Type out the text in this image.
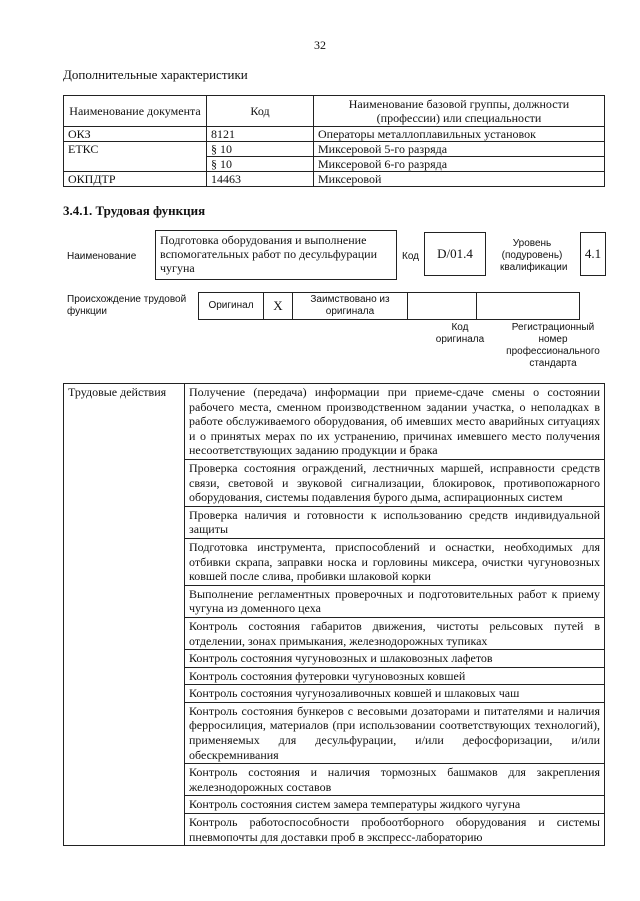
32
Дополнительные характеристики
Наименование документа	Код	Наименование базовой группы, должности (профессии) или специальности
ОКЗ	8121	Операторы металлоплавильных установок
ЕТКС	§ 10	Миксеровой 5-го разряда
	§ 10	Миксеровой 6-го разряда
ОКПДТР	14463	Миксеровой
3.4.1. Трудовая функция
Наименование
Подготовка оборудования и выполнение вспомогательных работ по десульфурации чугуна
Код	D/01.4
Уровень (подуровень) квалификации
4.1
Происхождение трудовой функции
Оригинал	X	Заимствовано из оригинала		
Код оригинала
Регистрационный номер профессионального стандарта
Трудовые действия	Получение (передача) информации при приеме-сдаче смены о состоянии рабочего места, сменном производственном задании участка, о неполадках в работе обслуживаемого оборудования, об имевших место аварийных ситуациях и о принятых мерах по их устранению, причинах имевшего место получения несоответствующих заданию продукции и брака
Проверка состояния ограждений, лестничных маршей, исправности средств связи, световой и звуковой сигнализации, блокировок, противопожарного оборудования, системы подавления бурого дыма, аспирационных систем
Проверка наличия и готовности к использованию средств индивидуальной защиты
Подготовка инструмента, приспособлений и оснастки, необходимых для отбивки скрапа, заправки носка и горловины миксера, очистки чугуновозных ковшей после слива, пробивки шлаковой корки
Выполнение регламентных проверочных и подготовительных работ к приему чугуна из доменного цеха
Контроль состояния габаритов движения, чистоты рельсовых путей в отделении, зонах примыкания, железнодорожных тупиках
Контроль состояния чугуновозных и шлаковозных лафетов
Контроль состояния футеровки чугуновозных ковшей
Контроль состояния чугунозаливочных ковшей и шлаковых чаш
Контроль состояния бункеров с весовыми дозаторами и питателями и наличия ферросилиция, материалов (при использовании соответствующих технологий), применяемых для десульфурации, и/или дефосфоризации, и/или обескремнивания
Контроль состояния и наличия тормозных башмаков для закрепления железнодорожных составов
Контроль состояния систем замера температуры жидкого чугуна
Контроль работоспособности пробоотборного оборудования и системы пневмопочты для доставки проб в экспресс-лабораторию
